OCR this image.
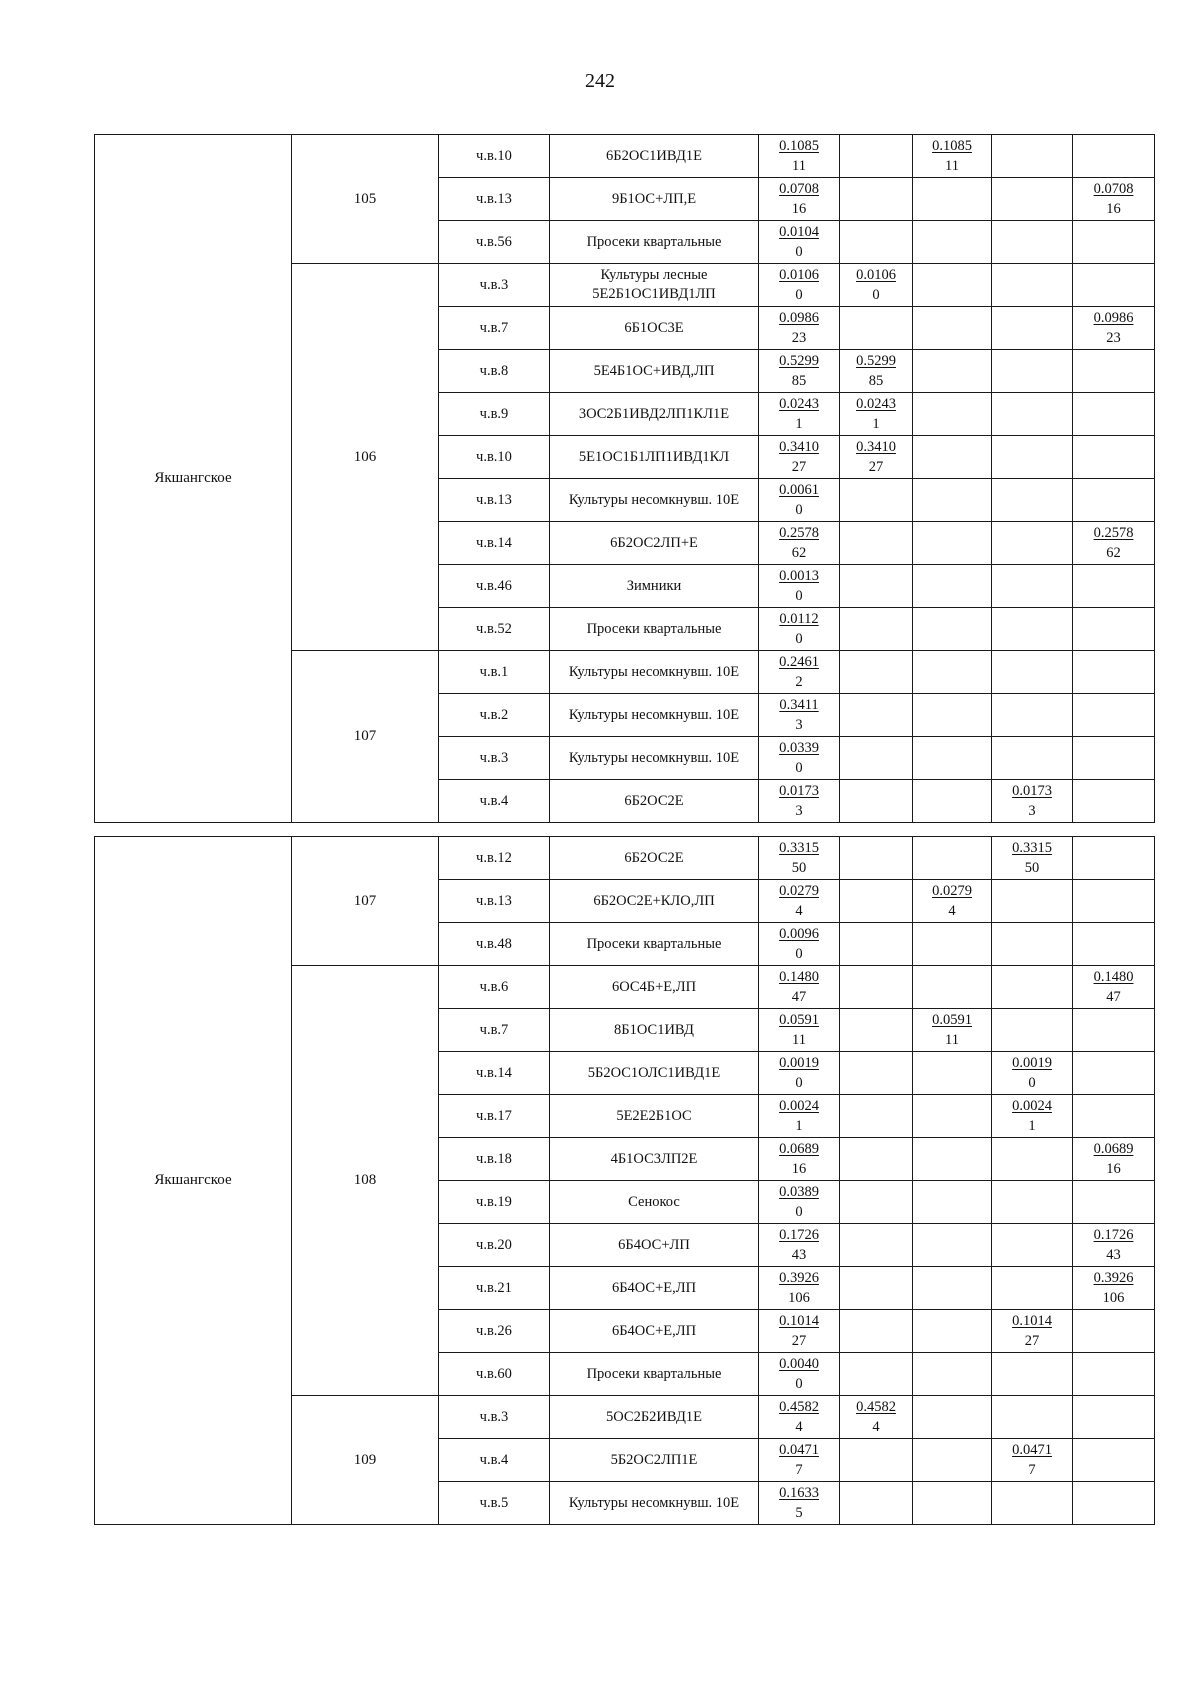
242
Якшангское	105	ч.в.10	6Б2ОС1ИВД1Е	$\frac{0.1085}{11}$		$\frac{0.1085}{11}$

		ч.в.13	9Б1ОС+ЛП,Е	$\frac{0.0708}{16}$				$\frac{0.0708}{16}$

		ч.в.56	Просеки квартальные	$\frac{0.0104}{0}$

	106	ч.в.3	Культуры лесные 5Е2Б1ОС1ИВД1ЛП	$\frac{0.0106}{0}$	$\frac{0.0106}{0}$

		ч.в.7	6Б1ОС3Е	$\frac{0.0986}{23}$				$\frac{0.0986}{23}$

		ч.в.8	5Е4Б1ОС+ИВД,ЛП	$\frac{0.5299}{85}$	$\frac{0.5299}{85}$

		ч.в.9	3ОС2Б1ИВД2ЛП1КЛ1Е	$\frac{0.0243}{1}$	$\frac{0.0243}{1}$

		ч.в.10	5Е1ОС1Б1ЛП1ИВД1КЛ	$\frac{0.3410}{27}$	$\frac{0.3410}{27}$

		ч.в.13	Культуры несомкнувш. 10Е	$\frac{0.0061}{0}$

		ч.в.14	6Б2ОС2ЛП+Е	$\frac{0.2578}{62}$				$\frac{0.2578}{62}$

		ч.в.46	Зимники	$\frac{0.0013}{0}$

		ч.в.52	Просеки квартальные	$\frac{0.0112}{0}$

	107	ч.в.1	Культуры несомкнувш. 10Е	$\frac{0.2461}{2}$

		ч.в.2	Культуры несомкнувш. 10Е	$\frac{0.3411}{3}$

		ч.в.3	Культуры несомкнувш. 10Е	$\frac{0.0339}{0}$

		ч.в.4	6Б2ОС2Е	$\frac{0.0173}{3}$			$\frac{0.0173}{3}$

Якшангское	107	ч.в.12	6Б2ОС2Е	$\frac{0.3315}{50}$			$\frac{0.3315}{50}$

		ч.в.13	6Б2ОС2Е+КЛО,ЛП	$\frac{0.0279}{4}$		$\frac{0.0279}{4}$

		ч.в.48	Просеки квартальные	$\frac{0.0096}{0}$

	108	ч.в.6	6ОС4Б+Е,ЛП	$\frac{0.1480}{47}$				$\frac{0.1480}{47}$

		ч.в.7	8Б1ОС1ИВД	$\frac{0.0591}{11}$		$\frac{0.0591}{11}$

		ч.в.14	5Б2ОС1ОЛС1ИВД1Е	$\frac{0.0019}{0}$			$\frac{0.0019}{0}$

		ч.в.17	5Е2Е2Б1ОС	$\frac{0.0024}{1}$			$\frac{0.0024}{1}$

		ч.в.18	4Б1ОС3ЛП2Е	$\frac{0.0689}{16}$				$\frac{0.0689}{16}$

		ч.в.19	Сенокос	$\frac{0.0389}{0}$

		ч.в.20	6Б4ОС+ЛП	$\frac{0.1726}{43}$				$\frac{0.1726}{43}$

		ч.в.21	6Б4ОС+Е,ЛП	$\frac{0.3926}{106}$				$\frac{0.3926}{106}$

		ч.в.26	6Б4ОС+Е,ЛП	$\frac{0.1014}{27}$			$\frac{0.1014}{27}$

		ч.в.60	Просеки квартальные	$\frac{0.0040}{0}$

	109	ч.в.3	5ОС2Б2ИВД1Е	$\frac{0.4582}{4}$	$\frac{0.4582}{4}$

		ч.в.4	5Б2ОС2ЛП1Е	$\frac{0.0471}{7}$			$\frac{0.0471}{7}$

		ч.в.5	Культуры несомкнувш. 10Е	$\frac{0.1633}{5}$
